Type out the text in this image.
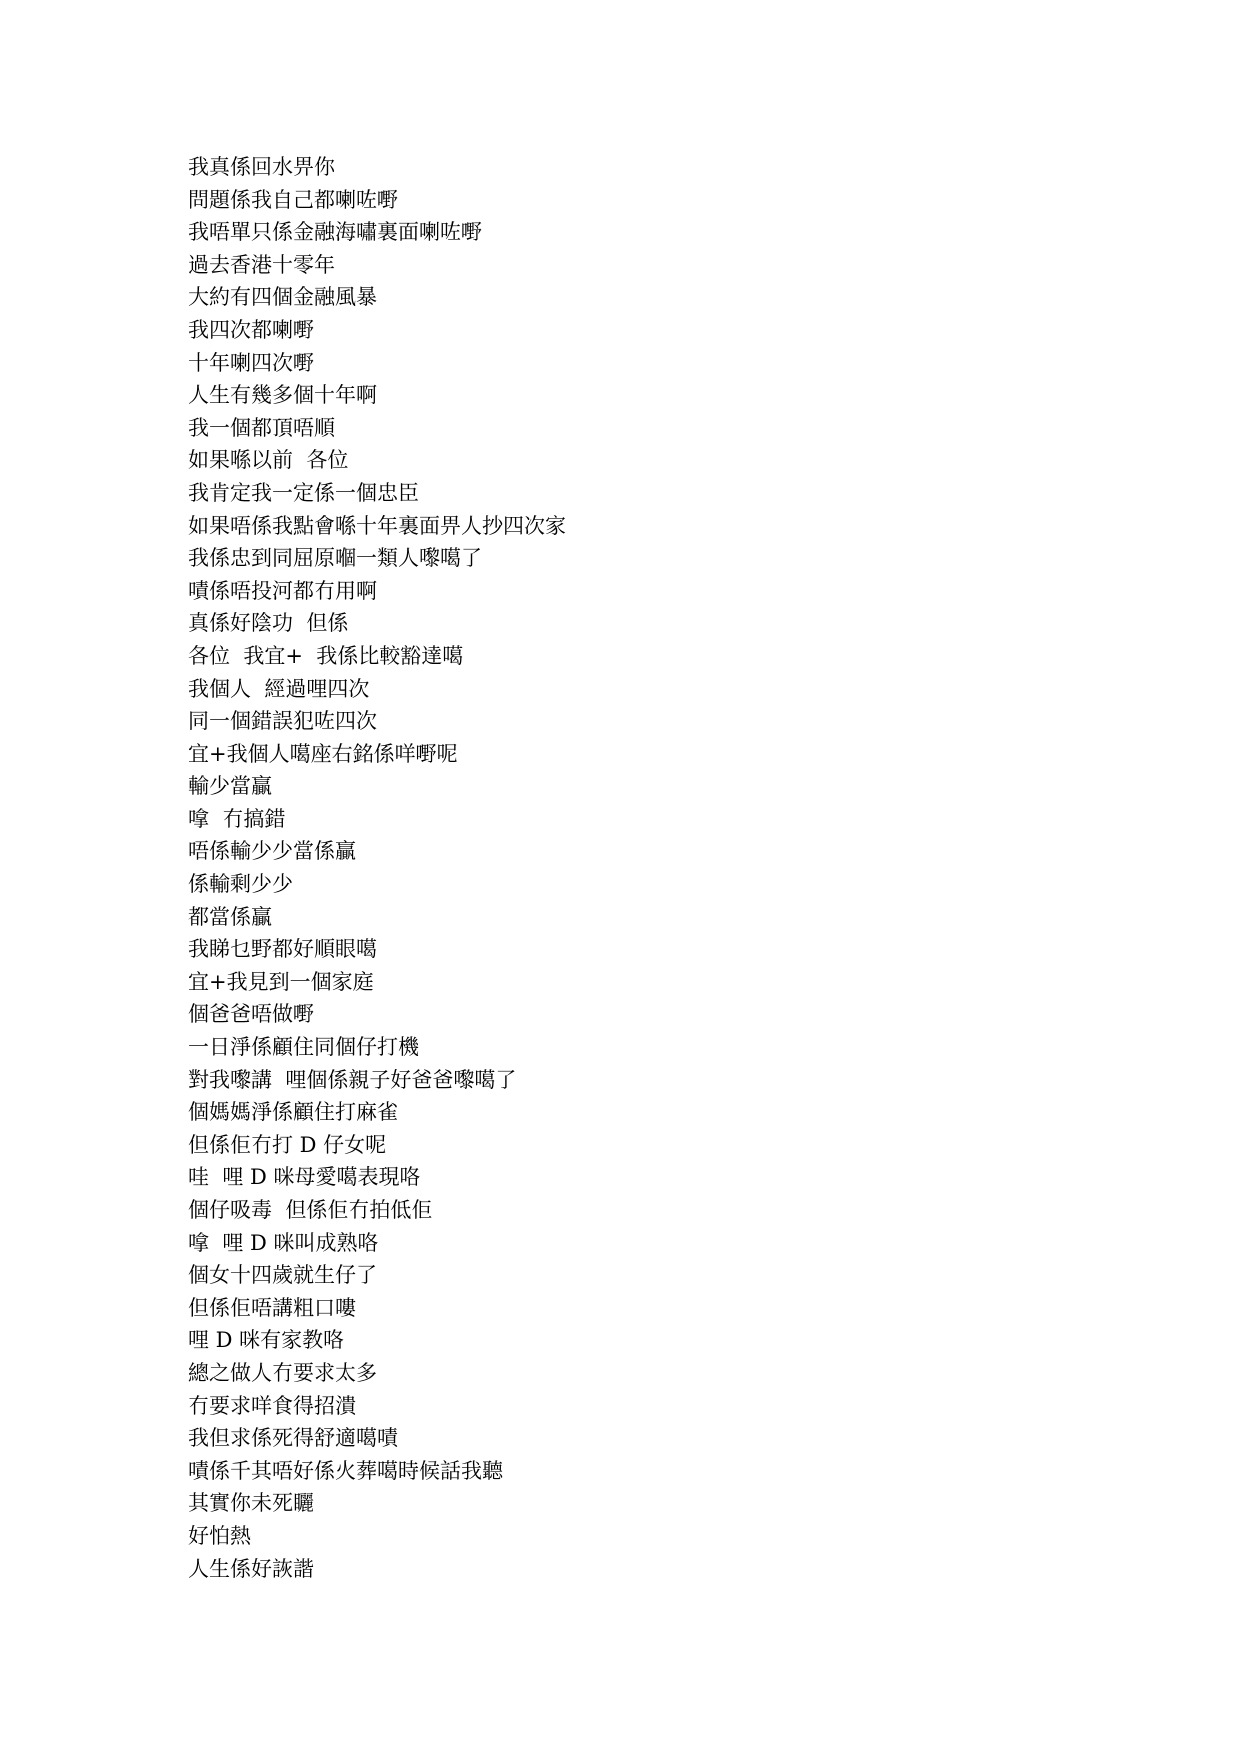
我真係回水畀你
問題係我自己都喇咗嘢
我唔單只係金融海嘯裏面喇咗嘢
過去香港十零年
大約有四個金融風暴
我四次都喇嘢
十年喇四次嘢
人生有幾多個十年啊
我一個都頂唔順
如果喺以前  各位
我肯定我一定係一個忠臣
如果唔係我點會喺十年裏面畀人抄四次家
我係忠到同屈原嗰一類人嚟噶了
嘖係唔投河都冇用啊
真係好陰功  但係
各位  我宜+  我係比較豁達噶
我個人  經過哩四次
同一個錯誤犯咗四次
宜+我個人噶座右銘係咩嘢呢
輸少當贏
嗱  冇搞錯
唔係輸少少當係贏
係輸剩少少
都當係贏
我睇乜野都好順眼噶
宜+我見到一個家庭
個爸爸唔做嘢
一日淨係顧住同個仔打機
對我嚟講  哩個係親子好爸爸嚟噶了
個媽媽淨係顧住打麻雀
但係佢冇打 D 仔女呢
哇  哩 D 咪母愛噶表現咯
個仔吸毒  但係佢冇拍低佢
嗱  哩 D 咪叫成熟咯
個女十四歲就生仔了
但係佢唔講粗口嘍
哩 D 咪有家教咯
總之做人冇要求太多
冇要求咩食得招潰
我但求係死得舒適噶嘖
嘖係千其唔好係火葬噶時候話我聽
其實你未死矖
好怕熱
人生係好詼諧
